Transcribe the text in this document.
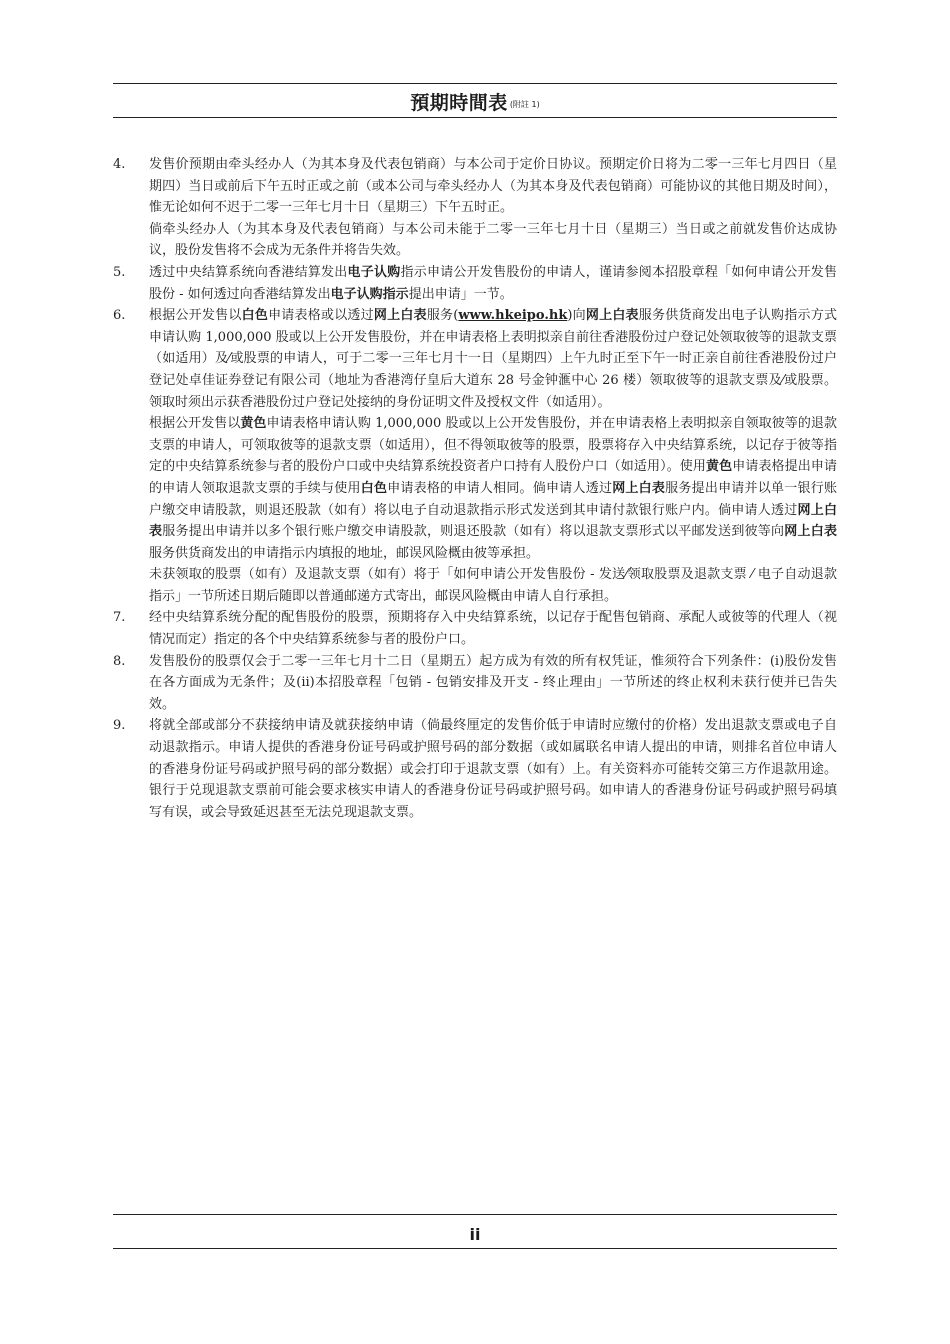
預期時間表 (附註 1)
4.	发售价预期由牵头经办人（为其本身及代表包销商）与本公司于定价日协议。预期定价日将为二零一三年七月四日（星期四）当日或前后下午五时正或之前（或本公司与牵头经办人（为其本身及代表包销商）可能协议的其他日期及时间），惟无论如何不迟于二零一三年七月十日（星期三）下午五时正。

倘牵头经办人（为其本身及代表包销商）与本公司未能于二零一三年七月十日（星期三）当日或之前就发售价达成协议，股份发售将不会成为无条件并将告失效。

5.	透过中央结算系统向香港结算发出电子认购指示申请公开发售股份的申请人，谨请参阅本招股章程「如何申请公开发售股份 - 如何透过向香港结算发出电子认购指示提出申请」一节。

6.	根据公开发售以白色申请表格或以透过网上白表服务(www.hkeipo.hk)向网上白表服务供货商发出电子认购指示方式申请认购 1,000,000 股或以上公开发售股份，并在申请表格上表明拟亲自前往香港股份过户登记处领取彼等的退款支票（如适用）及⁄或股票的申请人，可于二零一三年七月十一日（星期四）上午九时正至下午一时正亲自前往香港股份过户登记处卓佳证券登记有限公司（地址为香港湾仔皇后大道东 28 号金钟滙中心 26 楼）领取彼等的退款支票及⁄或股票。领取时须出示获香港股份过户登记处接纳的身份证明文件及授权文件（如适用）。

根据公开发售以黄色申请表格申请认购 1,000,000 股或以上公开发售股份，并在申请表格上表明拟亲自领取彼等的退款支票的申请人，可领取彼等的退款支票（如适用），但不得领取彼等的股票，股票将存入中央结算系统，以记存于彼等指定的中央结算系统参与者的股份户口或中央结算系统投资者户口持有人股份户口（如适用）。使用黄色申请表格提出申请的申请人领取退款支票的手续与使用白色申请表格的申请人相同。倘申请人透过网上白表服务提出申请并以单一银行账户缴交申请股款，则退还股款（如有）将以电子自动退款指示形式发送到其申请付款银行账户内。倘申请人透过网上白表服务提出申请并以多个银行账户缴交申请股款，则退还股款（如有）将以退款支票形式以平邮发送到彼等向网上白表服务供货商发出的申请指示内填报的地址，邮误风险概由彼等承担。

未获领取的股票（如有）及退款支票（如有）将于「如何申请公开发售股份 - 发送⁄领取股票及退款支票 ⁄ 电子自动退款指示」一节所述日期后随即以普通邮递方式寄出，邮误风险概由申请人自行承担。

7.	经中央结算系统分配的配售股份的股票，预期将存入中央结算系统，以记存于配售包销商、承配人或彼等的代理人（视情况而定）指定的各个中央结算系统参与者的股份户口。

8.	发售股份的股票仅会于二零一三年七月十二日（星期五）起方成为有效的所有权凭证，惟须符合下列条件：(i)股份发售在各方面成为无条件；及(ii)本招股章程「包销 - 包销安排及开支 - 终止理由」一节所述的终止权利未获行使并已告失效。

9.	将就全部或部分不获接纳申请及就获接纳申请（倘最终厘定的发售价低于申请时应缴付的价格）发出退款支票或电子自动退款指示。申请人提供的香港身份证号码或护照号码的部分数据（或如属联名申请人提出的申请，则排名首位申请人的香港身份证号码或护照号码的部分数据）或会打印于退款支票（如有）上。有关资料亦可能转交第三方作退款用途。银行于兑现退款支票前可能会要求核实申请人的香港身份证号码或护照号码。如申请人的香港身份证号码或护照号码填写有误，或会导致延迟甚至无法兑现退款支票。

ii
